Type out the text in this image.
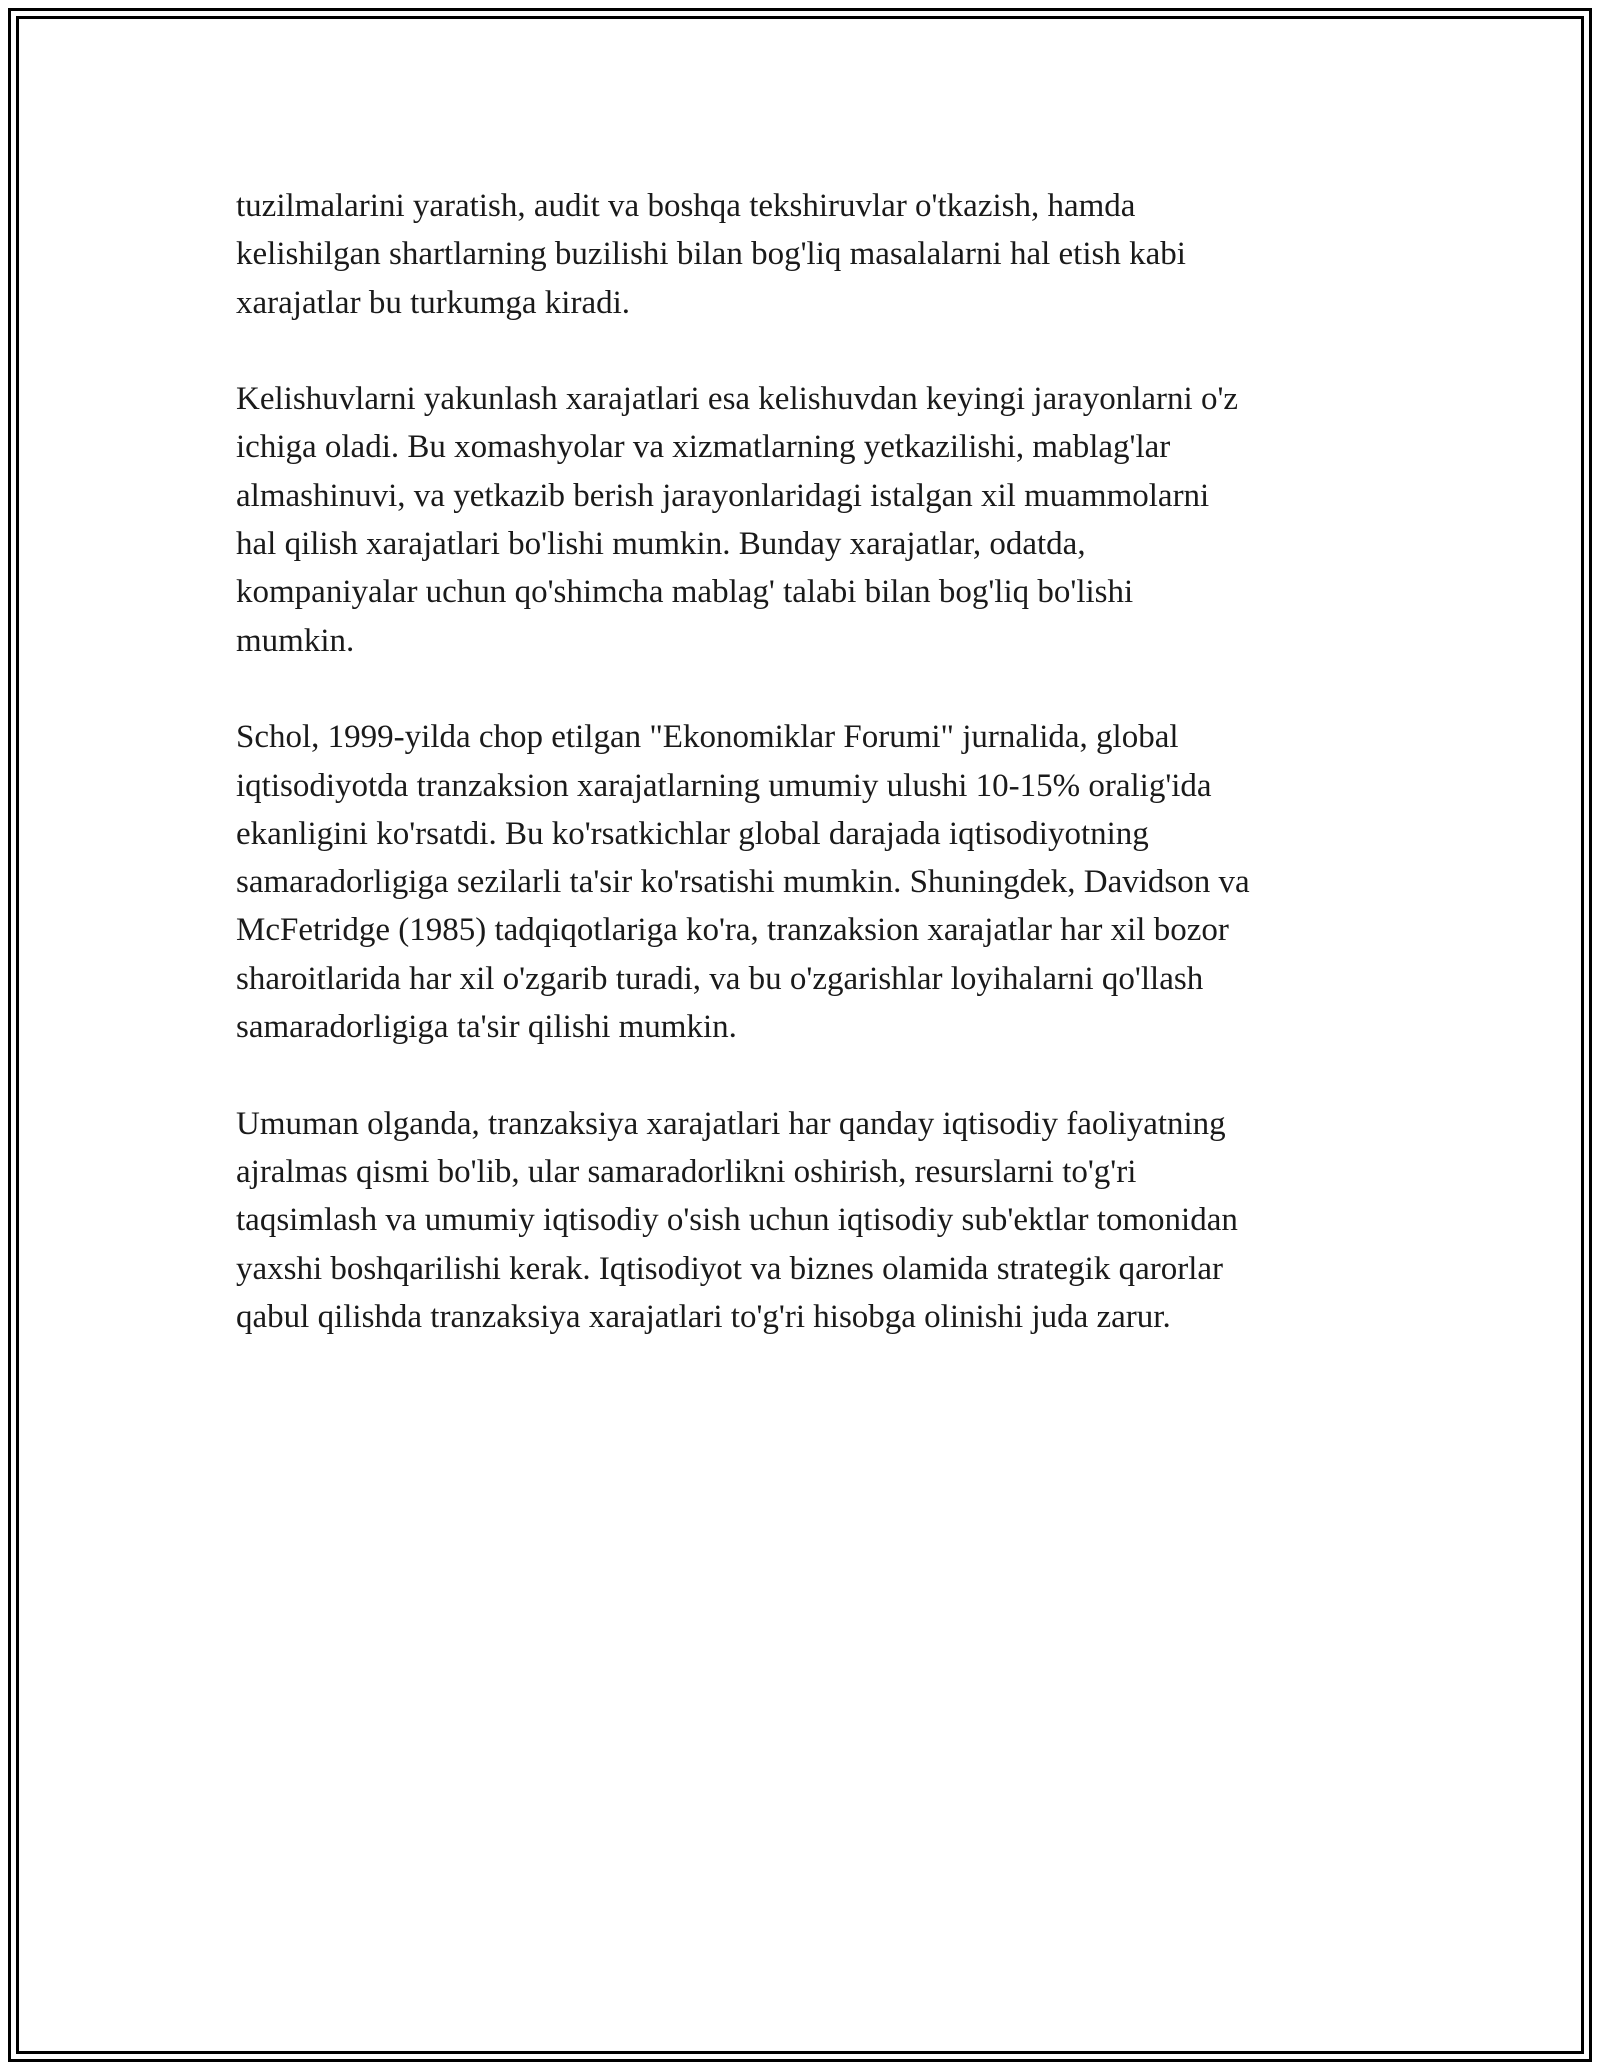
tuzilmalarini yaratish, audit va boshqa tekshiruvlar o'tkazish, hamda
kelishilgan shartlarning buzilishi bilan bog'liq masalalarni hal etish kabi
xarajatlar bu turkumga kiradi.

Kelishuvlarni yakunlash xarajatlari esa kelishuvdan keyingi jarayonlarni o'z
ichiga oladi. Bu xomashyolar va xizmatlarning yetkazilishi, mablag'lar
almashinuvi, va yetkazib berish jarayonlaridagi istalgan xil muammolarni
hal qilish xarajatlari bo'lishi mumkin. Bunday xarajatlar, odatda,
kompaniyalar uchun qo'shimcha mablag' talabi bilan bog'liq bo'lishi
mumkin.

Schol, 1999-yilda chop etilgan "Ekonomiklar Forumi" jurnalida, global
iqtisodiyotda tranzaksion xarajatlarning umumiy ulushi 10-15% oralig'ida
ekanligini ko'rsatdi. Bu ko'rsatkichlar global darajada iqtisodiyotning
samaradorligiga sezilarli ta'sir ko'rsatishi mumkin. Shuningdek, Davidson va
McFetridge (1985) tadqiqotlariga ko'ra, tranzaksion xarajatlar har xil bozor
sharoitlarida har xil o'zgarib turadi, va bu o'zgarishlar loyihalarni qo'llash
samaradorligiga ta'sir qilishi mumkin.

Umuman olganda, tranzaksiya xarajatlari har qanday iqtisodiy faoliyatning
ajralmas qismi bo'lib, ular samaradorlikni oshirish, resurslarni to'g'ri
taqsimlash va umumiy iqtisodiy o'sish uchun iqtisodiy sub'ektlar tomonidan
yaxshi boshqarilishi kerak. Iqtisodiyot va biznes olamida strategik qarorlar
qabul qilishda tranzaksiya xarajatlari to'g'ri hisobga olinishi juda zarur.
